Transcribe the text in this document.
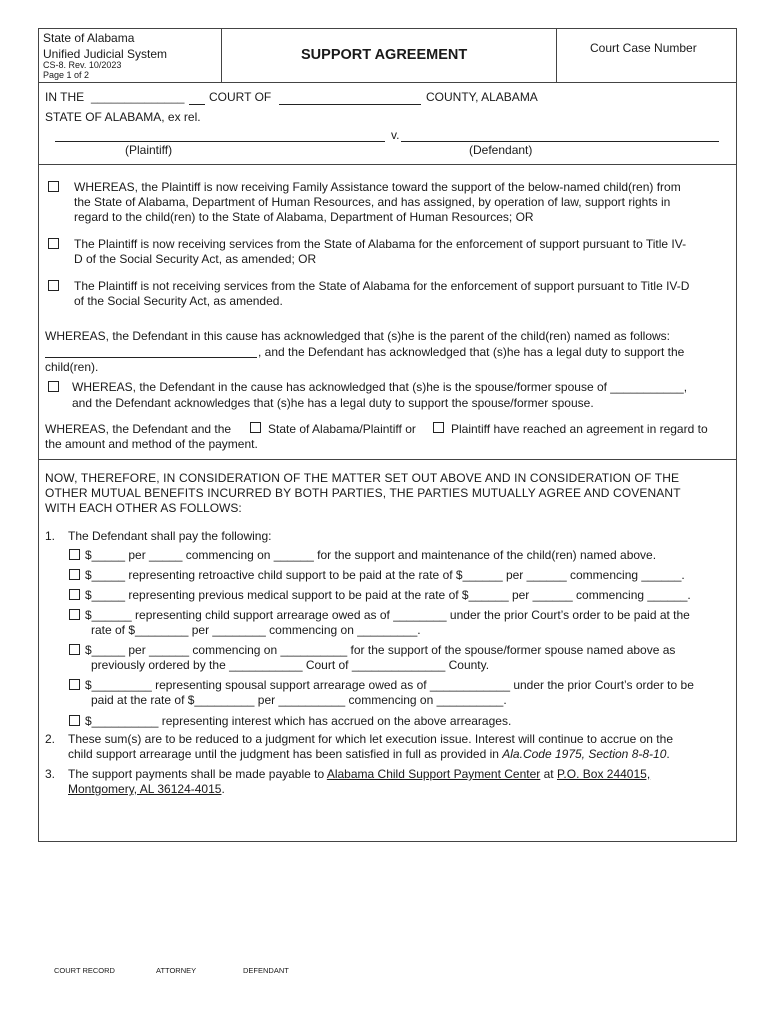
State of Alabama
Unified Judicial System
CS-8. Rev. 10/2023
Page 1 of 2
SUPPORT AGREEMENT	Court Case Number
IN THE ______________ COURT OF	COUNTY, ALABAMA
STATE OF ALABAMA, ex rel.
v.
(Plaintiff)	(Defendant)
WHEREAS, the Plaintiff is now receiving Family Assistance toward the support of the below-named child(ren) from
the State of Alabama, Department of Human Resources, and has assigned, by operation of law, support rights in
regard to the child(ren) to the State of Alabama, Department of Human Resources; OR
The Plaintiff is now receiving services from the State of Alabama for the enforcement of support pursuant to Title IV-
D of the Social Security Act, as amended; OR
The Plaintiff is not receiving services from the State of Alabama for the enforcement of support pursuant to Title IV-D
of the Social Security Act, as amended.
WHEREAS, the Defendant in this cause has acknowledged that (s)he is the parent of the child(ren) named as follows:
, and the Defendant has acknowledged that (s)he has a legal duty to support the
child(ren).
WHEREAS, the Defendant in the cause has acknowledged that (s)he is the spouse/former spouse of ___________,
and the Defendant acknowledges that (s)he has a legal duty to support the spouse/former spouse.
WHEREAS, the Defendant and the	State of Alabama/Plaintiff or	Plaintiff have reached an agreement in regard to
the amount and method of the payment.
NOW, THEREFORE, IN CONSIDERATION OF THE MATTER SET OUT ABOVE AND IN CONSIDERATION OF THE
OTHER MUTUAL BENEFITS INCURRED BY BOTH PARTIES, THE PARTIES MUTUALLY AGREE AND COVENANT
WITH EACH OTHER AS FOLLOWS:
1. The Defendant shall pay the following:
$_____ per _____ commencing on ______ for the support and maintenance of the child(ren) named above.
$_____ representing retroactive child support to be paid at the rate of $______ per ______ commencing ______.
$_____ representing previous medical support to be paid at the rate of $______ per ______ commencing ______.
$______ representing child support arrearage owed as of ________ under the prior Court’s order to be paid at the
rate of $________ per ________ commencing on _________.
$_____ per ______ commencing on __________ for the support of the spouse/former spouse named above as
previously ordered by the ___________ Court of ______________ County.
$_________ representing spousal support arrearage owed as of ____________ under the prior Court’s order to be
paid at the rate of $_________ per __________ commencing on __________.
$__________ representing interest which has accrued on the above arrearages.
2. These sum(s) are to be reduced to a judgment for which let execution issue. Interest will continue to accrue on the
child support arrearage until the judgment has been satisfied in full as provided in Ala.Code 1975, Section 8-8-10.
3. The support payments shall be made payable to Alabama Child Support Payment Center at P.O. Box 244015,
Montgomery, AL 36124-4015.
COURT RECORD	ATTORNEY	DEFENDANT
